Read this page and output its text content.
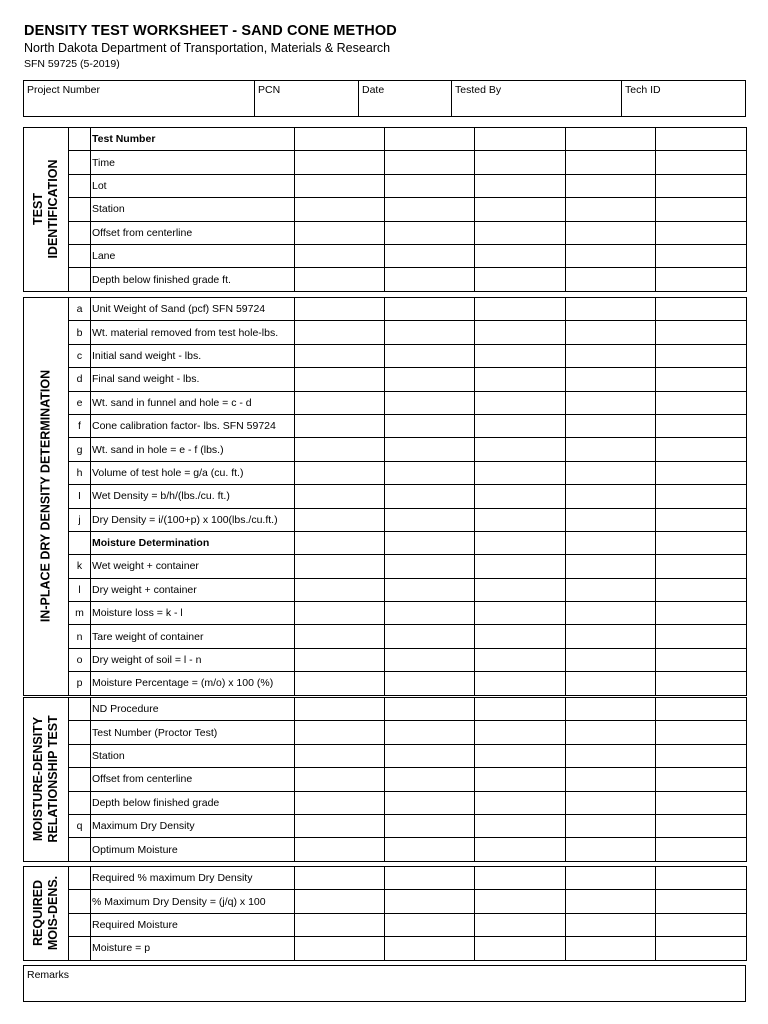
DENSITY TEST WORKSHEET - SAND CONE METHOD
North Dakota Department of Transportation, Materials & Research
SFN 59725 (5-2019)
Project Number	PCN	Date	Tested By	Tech ID
TEST IDENTIFICATION		Test Number					
		Time					
		Lot					
		Station					
		Offset from centerline					
		Lane					
		Depth below finished grade ft.					
IN-PLACE DRY DENSITY DETERMINATION	a	Unit Weight of Sand (pcf) SFN 59724					
	b	Wt. material removed from test hole-lbs.					
	c	Initial sand weight - lbs.					
	d	Final sand weight - lbs.					
	e	Wt. sand in funnel and hole = c - d					
	f	Cone calibration factor- lbs. SFN 59724					
	g	Wt. sand in hole = e - f (lbs.)					
	h	Volume of test hole = g/a (cu. ft.)					
	I	Wet Density = b/h/(lbs./cu. ft.)					
	j	Dry Density = i/(100+p) x 100(lbs./cu.ft.)					
		Moisture Determination					
	k	Wet weight + container					
	l	Dry weight + container					
	m	Moisture loss = k - l					
	n	Tare weight of container					
	o	Dry weight of soil = l - n					
	p	Moisture Percentage = (m/o) x 100 (%)					
MOISTURE-DENSITY RELATIONSHIP TEST		ND Procedure					
		Test Number (Proctor Test)					
		Station					
		Offset from centerline					
		Depth below finished grade					
	q	Maximum Dry Density					
		Optimum Moisture					
REQUIRED MOIS-DENS.		Required % maximum Dry Density					
		% Maximum Dry Density = (j/q) x 100					
		Required Moisture					
		Moisture = p					
Remarks
